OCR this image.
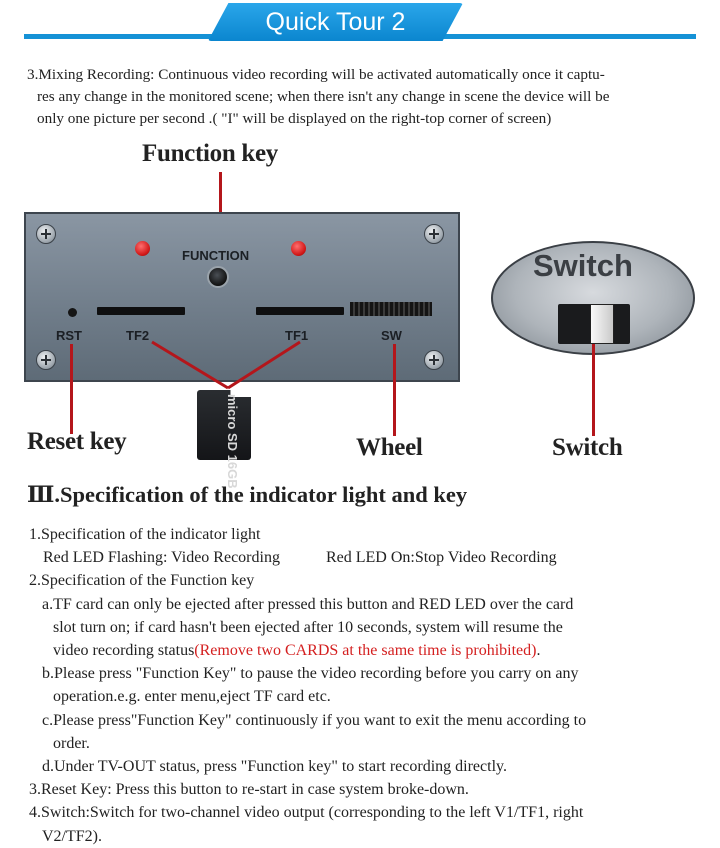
Quick Tour 2
3.Mixing Recording: Continuous video recording will be activated automatically once it captu-
res any change in the monitored scene; when there isn't any change in scene the device will be
only one picture per second .( "I" will be displayed on the right-top corner of screen)
Function key
FUNCTION
RST	TF2	TF1	SW
Switch
Reset key	Wheel	Switch
Ⅲ.Specification of the indicator light and key
1.Specification of the indicator light
Red LED Flashing: Video Recording	Red LED On:Stop Video Recording
2.Specification of the Function key
a.TF card can only be ejected after pressed this button and RED LED over the card
slot turn on; if card hasn't been ejected after 10 seconds, system will resume the
video recording status(Remove two CARDS at the same time is prohibited).
b.Please press "Function Key" to pause the video recording before you carry on any
operation.e.g. enter menu,eject TF card etc.
c.Please press"Function Key" continuously if you want to exit the menu according to
order.
d.Under TV-OUT status, press "Function key" to start recording directly.
3.Reset Key: Press this button to re-start in case system broke-down.
4.Switch:Switch for two-channel video output (corresponding to the left V1/TF1, right
V2/TF2).
